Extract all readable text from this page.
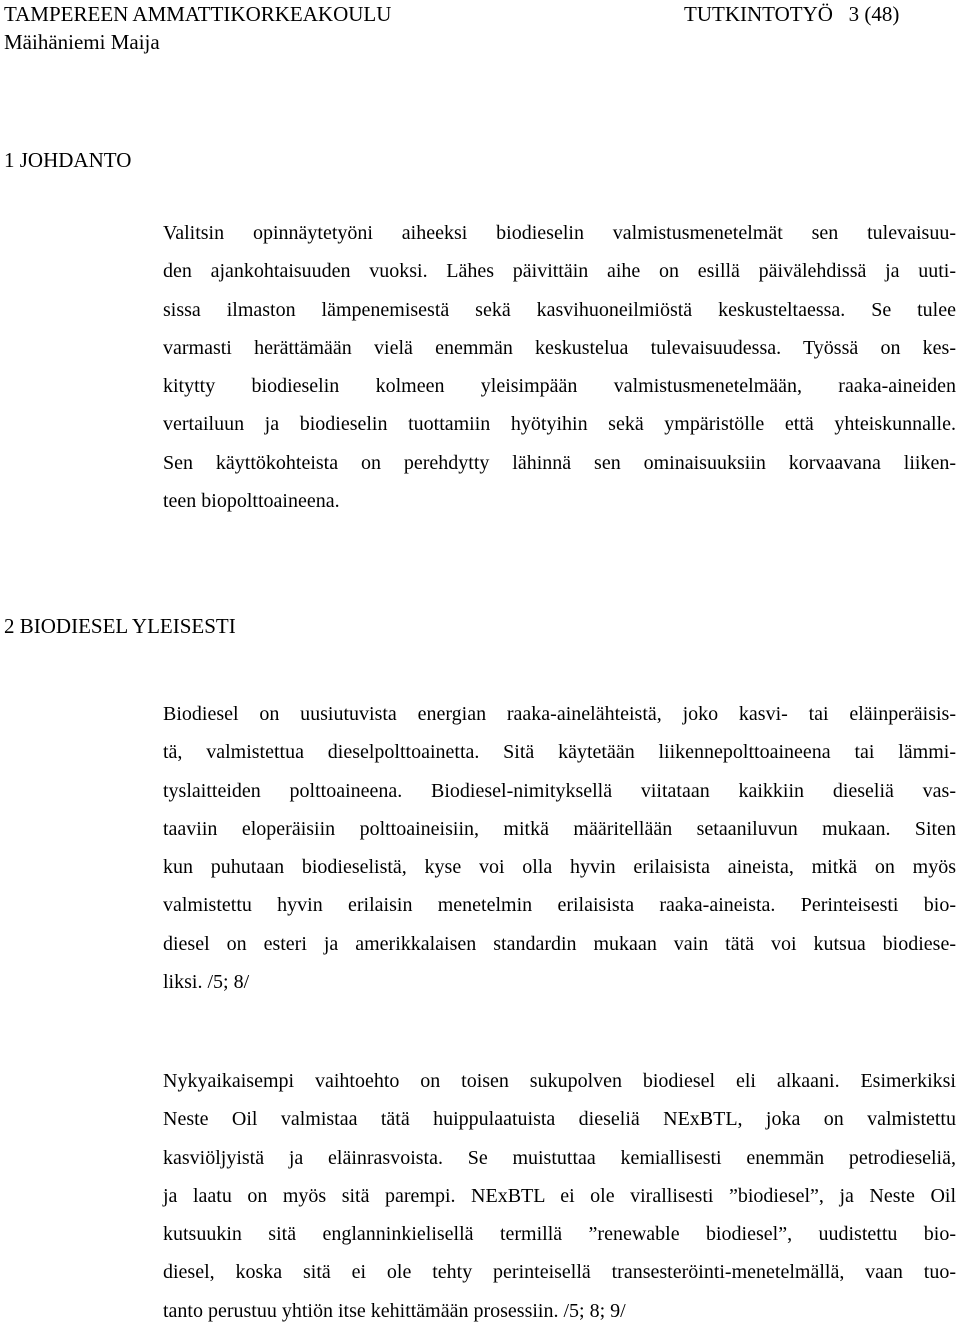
TAMPEREEN AMMATTIKORKEAKOULU	TUTKINTOTYÖ 3 (48)
Mäihäniemi Maija
1 JOHDANTO
Valitsin opinnäytetyöni aiheeksi biodieselin valmistusmenetelmät sen tulevaisuu-
den ajankohtaisuuden vuoksi. Lähes päivittäin aihe on esillä päivälehdissä ja uuti-
sissa ilmaston lämpenemisestä sekä kasvihuoneilmiöstä keskusteltaessa. Se tulee
varmasti herättämään vielä enemmän keskustelua tulevaisuudessa. Työssä on kes-
kitytty biodieselin kolmeen yleisimpään valmistusmenetelmään, raaka-aineiden
vertailuun ja biodieselin tuottamiin hyötyihin sekä ympäristölle että yhteiskunnalle.
Sen käyttökohteista on perehdytty lähinnä sen ominaisuuksiin korvaavana liiken-
teen biopolttoaineena.
2 BIODIESEL YLEISESTI
Biodiesel on uusiutuvista energian raaka-ainelähteistä, joko kasvi- tai eläinperäisis-
tä, valmistettua dieselpolttoainetta. Sitä käytetään liikennepolttoaineena tai lämmi-
tyslaitteiden polttoaineena. Biodiesel-nimityksellä viitataan kaikkiin dieseliä vas-
taaviin eloperäisiin polttoaineisiin, mitkä määritellään setaaniluvun mukaan. Siten
kun puhutaan biodieselistä, kyse voi olla hyvin erilaisista aineista, mitkä on myös
valmistettu hyvin erilaisin menetelmin erilaisista raaka-aineista. Perinteisesti bio-
diesel on esteri ja amerikkalaisen standardin mukaan vain tätä voi kutsua biodiese-
liksi. /5; 8/
Nykyaikaisempi vaihtoehto on toisen sukupolven biodiesel eli alkaani. Esimerkiksi
Neste Oil valmistaa tätä huippulaatuista dieseliä NExBTL, joka on valmistettu
kasviöljyistä ja eläinrasvoista. Se muistuttaa kemiallisesti enemmän petrodieseliä,
ja laatu on myös sitä parempi. NExBTL ei ole virallisesti ”biodiesel”, ja Neste Oil
kutsuukin sitä englanninkielisellä termillä ”renewable biodiesel”, uudistettu bio-
diesel, koska sitä ei ole tehty perinteisellä transesteröinti-menetelmällä, vaan tuo-
tanto perustuu yhtiön itse kehittämään prosessiin. /5; 8; 9/
